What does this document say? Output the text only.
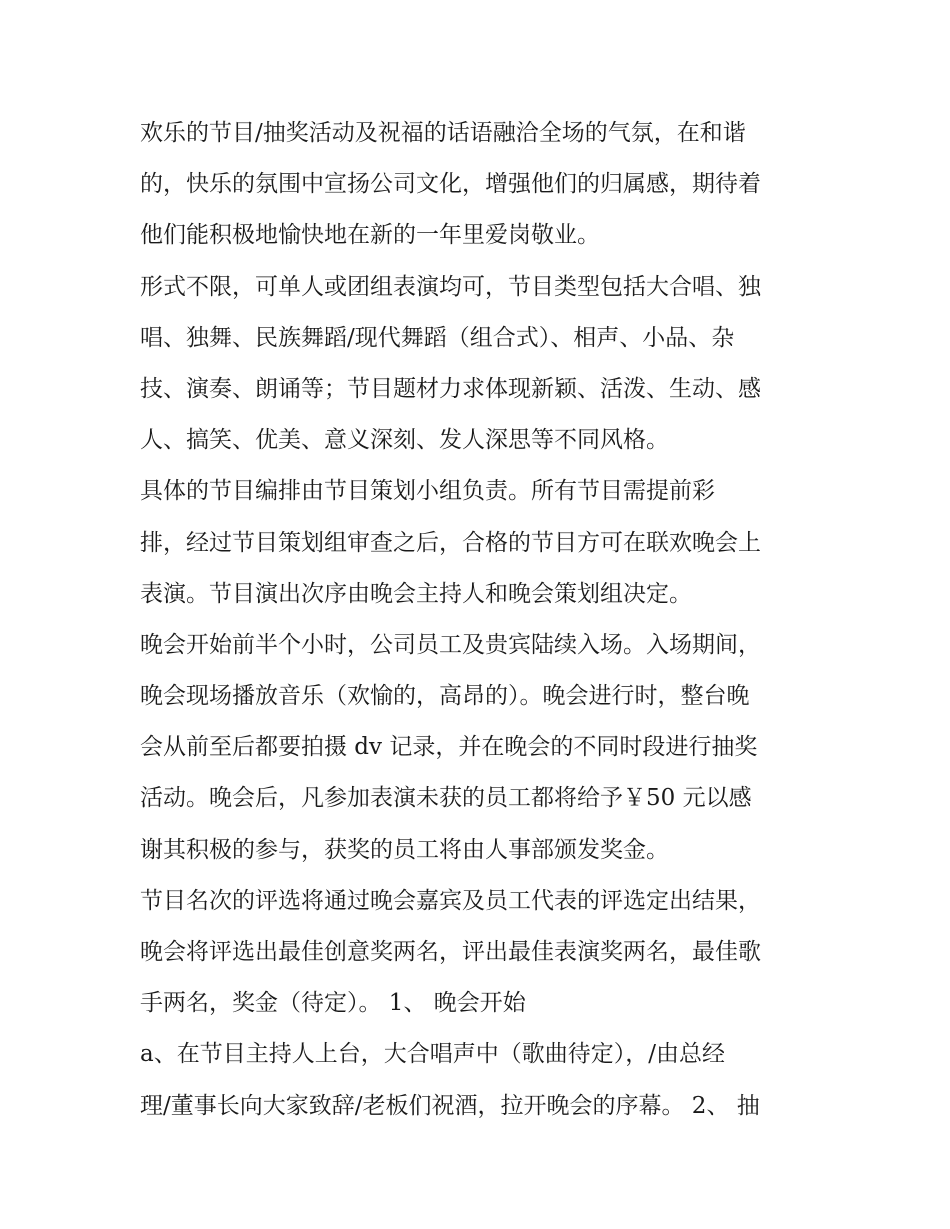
欢乐的节目/抽奖活动及祝福的话语融洽全场的气氛，在和谐
的，快乐的氛围中宣扬公司文化，增强他们的归属感，期待着
他们能积极地愉快地在新的一年里爱岗敬业。
形式不限，可单人或团组表演均可，节目类型包括大合唱、独
唱、独舞、民族舞蹈/现代舞蹈（组合式）、相声、小品、杂
技、演奏、朗诵等；节目题材力求体现新颖、活泼、生动、感
人、搞笑、优美、意义深刻、发人深思等不同风格。
具体的节目编排由节目策划小组负责。所有节目需提前彩
排，经过节目策划组审查之后，合格的节目方可在联欢晚会上
表演。节目演出次序由晚会主持人和晚会策划组决定。
晚会开始前半个小时，公司员工及贵宾陆续入场。入场期间，
晚会现场播放音乐（欢愉的，高昂的）。晚会进行时，整台晚
会从前至后都要拍摄 dv 记录，并在晚会的不同时段进行抽奖
活动。晚会后，凡参加表演未获的员工都将给予￥50 元以感
谢其积极的参与，获奖的员工将由人事部颁发奖金。
节目名次的评选将通过晚会嘉宾及员工代表的评选定出结果，
晚会将评选出最佳创意奖两名，评出最佳表演奖两名，最佳歌
手两名，奖金（待定）。 1、 晚会开始
a、在节目主持人上台，大合唱声中（歌曲待定），/由总经
理/董事长向大家致辞/老板们祝酒，拉开晚会的序幕。 2、 抽
